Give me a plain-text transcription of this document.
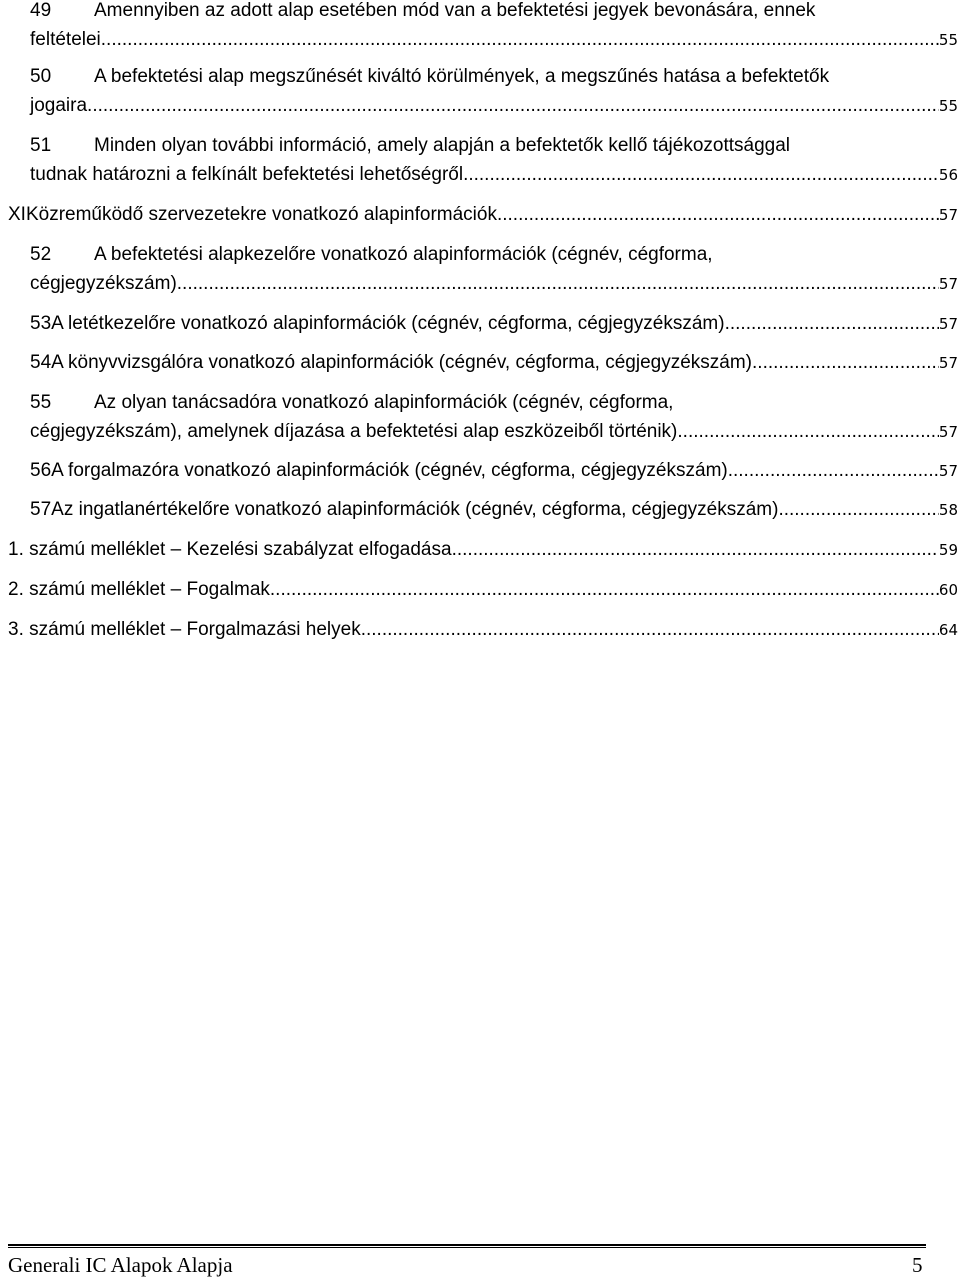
49 Amennyiben az adott alap esetében mód van a befektetési jegyek bevonására, ennek
feltételei .....	55
50 A befektetési alap megszűnését kiváltó körülmények, a megszűnés hatása a befektetők
jogaira. .....	55
51 Minden olyan további információ, amely alapján a befektetők kellő tájékozottsággal
tudnak határozni a felkínált befektetési lehetőségről .....	56
XI Közreműködő szervezetekre vonatkozó alapinformációk .....	57
52 A befektetési alapkezelőre vonatkozó alapinformációk (cégnév, cégforma,
cégjegyzékszám) .....	57
53 A letétkezelőre vonatkozó alapinformációk (cégnév, cégforma, cégjegyzékszám) .....	57
54 A könyvvizsgálóra vonatkozó alapinformációk (cégnév, cégforma, cégjegyzékszám) .....	57
55 Az olyan tanácsadóra vonatkozó alapinformációk (cégnév, cégforma,
cégjegyzékszám), amelynek díjazása a befektetési alap eszközeiből történik) .....	57
56 A forgalmazóra vonatkozó alapinformációk (cégnév, cégforma, cégjegyzékszám) .....	57
57 Az ingatlanértékelőre vonatkozó alapinformációk (cégnév, cégforma, cégjegyzékszám) .....	58
1. számú melléklet – Kezelési szabályzat elfogadása .....	59
2. számú melléklet – Fogalmak .....	60
3. számú melléklet – Forgalmazási helyek .....	64
Generali IC Alapok Alapja	5
